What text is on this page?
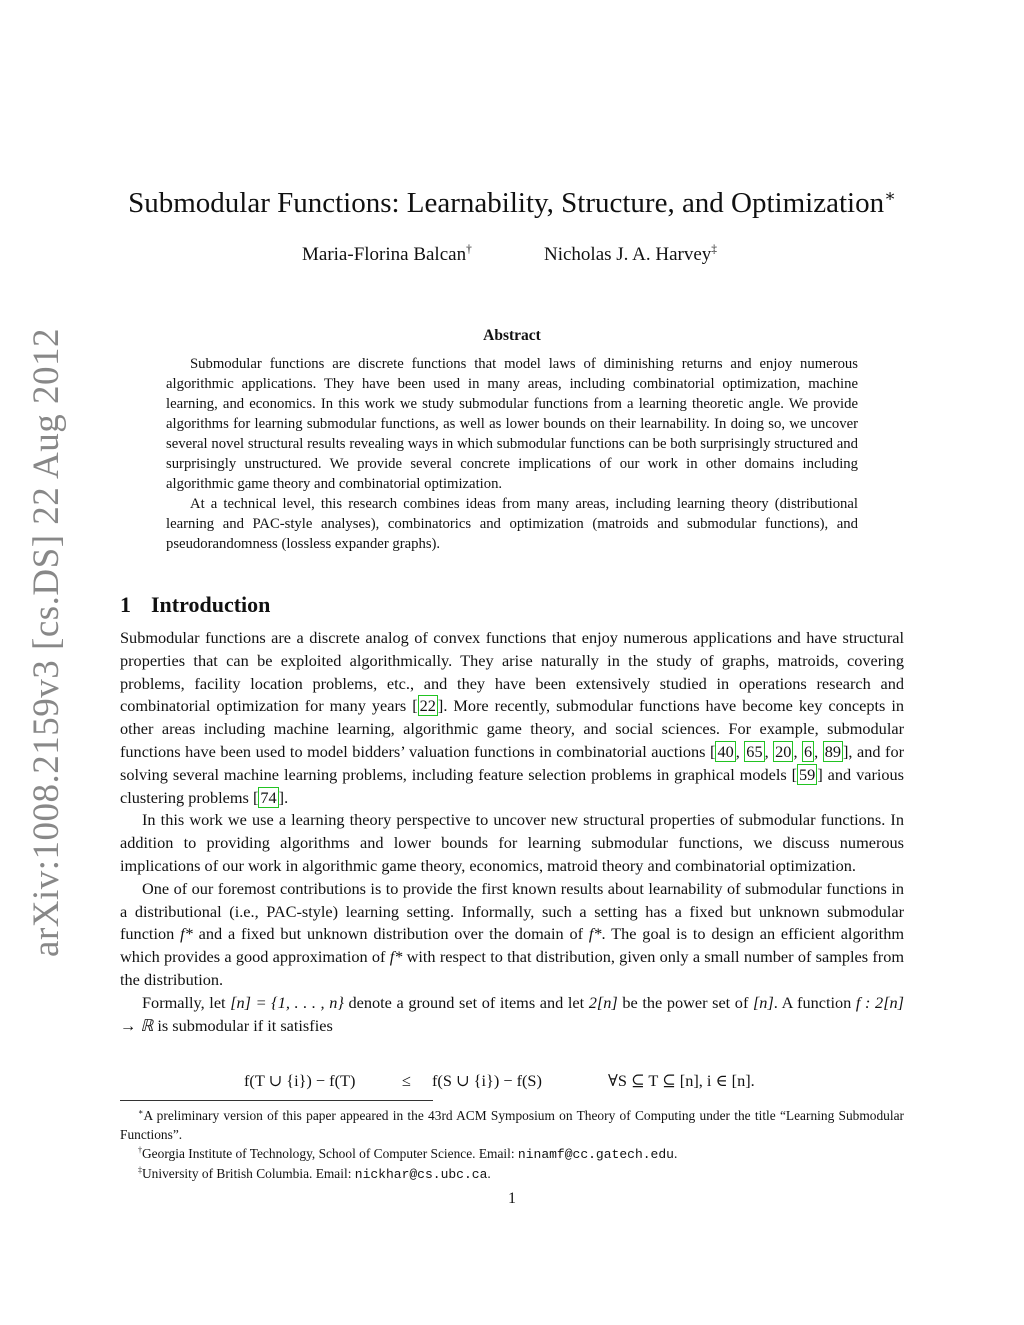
arXiv:1008.2159v3 [cs.DS] 22 Aug 2012
Submodular Functions: Learnability, Structure, and Optimization∗
Maria-Florina Balcan†	Nicholas J. A. Harvey‡
Abstract

Submodular functions are discrete functions that model laws of diminishing returns and enjoy numerous algorithmic applications. They have been used in many areas, including combinatorial optimization, machine learning, and economics. In this work we study submodular functions from a learning theoretic angle. We provide algorithms for learning submodular functions, as well as lower bounds on their learnability. In doing so, we uncover several novel structural results revealing ways in which submodular functions can be both surprisingly structured and surprisingly unstructured. We provide several concrete implications of our work in other domains including algorithmic game theory and combinatorial optimization.

At a technical level, this research combines ideas from many areas, including learning theory (distributional learning and PAC-style analyses), combinatorics and optimization (matroids and submodular functions), and pseudorandomness (lossless expander graphs).

1 Introduction

Submodular functions are a discrete analog of convex functions that enjoy numerous applications and have structural properties that can be exploited algorithmically. They arise naturally in the study of graphs, matroids, covering problems, facility location problems, etc., and they have been extensively studied in operations research and combinatorial optimization for many years [ 22 ]. More recently, submodular functions have become key concepts in other areas including machine learning, algorithmic game theory, and social sciences. For example, submodular functions have been used to model bidders’ valuation functions in combinatorial auctions [ 40 , 65 , 20 , 6 , 89 ], and for solving several machine learning problems, including feature selection problems in graphical models [ 59 ] and various clustering problems [ 74 ].

In this work we use a learning theory perspective to uncover new structural properties of submodular functions. In addition to providing algorithms and lower bounds for learning submodular functions, we discuss numerous implications of our work in algorithmic game theory, economics, matroid theory and combinatorial optimization.

One of our foremost contributions is to provide the first known results about learnability of submodular functions in a distributional (i.e., PAC-style) learning setting. Informally, such a setting has a fixed but unknown submodular function f* and a fixed but unknown distribution over the domain of f*. The goal is to design an efficient algorithm which provides a good approximation of f* with respect to that distribution, given only a small number of samples from the distribution.

Formally, let [n] = {1, . . . , n} denote a ground set of items and let 2[n] be the power set of [n]. A function f : 2[n] → ℝ is submodular if it satisfies

f(T ∪ {i}) − f(T)	≤ f(S ∪ {i}) − f(S)	∀S ⊆ T ⊆ [n], i ∈ [n].

∗A preliminary version of this paper appeared in the 43rd ACM Symposium on Theory of Computing under the title “Learning Submodular Functions”.

†Georgia Institute of Technology, School of Computer Science. Email: ninamf@cc.gatech.edu.

‡University of British Columbia. Email: nickhar@cs.ubc.ca.

1
